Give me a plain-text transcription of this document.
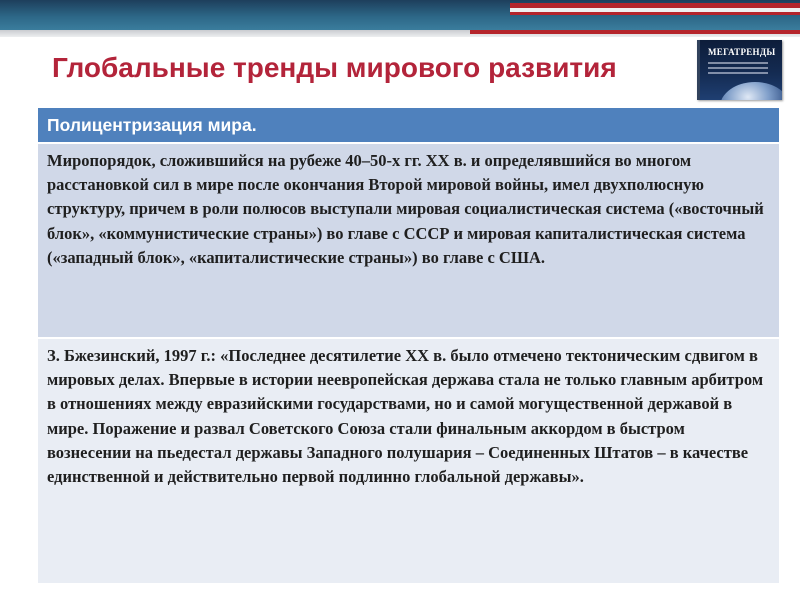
Глобальные тренды мирового развития	МЕГАТРЕНДЫ
Полицентризация мира.
Миропорядок, сложившийся на рубеже 40–50-х гг. XX в. и определявшийся во многом расстановкой сил в мире после окончания Второй мировой войны, имел двухполюсную структуру, причем в роли полюсов выступали мировая социалистическая система («восточный блок», «коммунистические страны») во главе с СССР и мировая капиталистическая система («западный блок», «капиталистические страны») во главе с США.
З. Бжезинский, 1997 г.: «Последнее десятилетие XX в. было отмечено тектоническим сдвигом в мировых делах. Впервые в истории неевропейская держава стала не только главным арбитром в отношениях между евразийскими государствами, но и самой могущественной державой в мире. Поражение и развал Советского Союза стали финальным аккордом в быстром вознесении на пьедестал державы Западного полушария – Соединенных Штатов – в качестве единственной и действительно первой подлинно глобальной державы».
